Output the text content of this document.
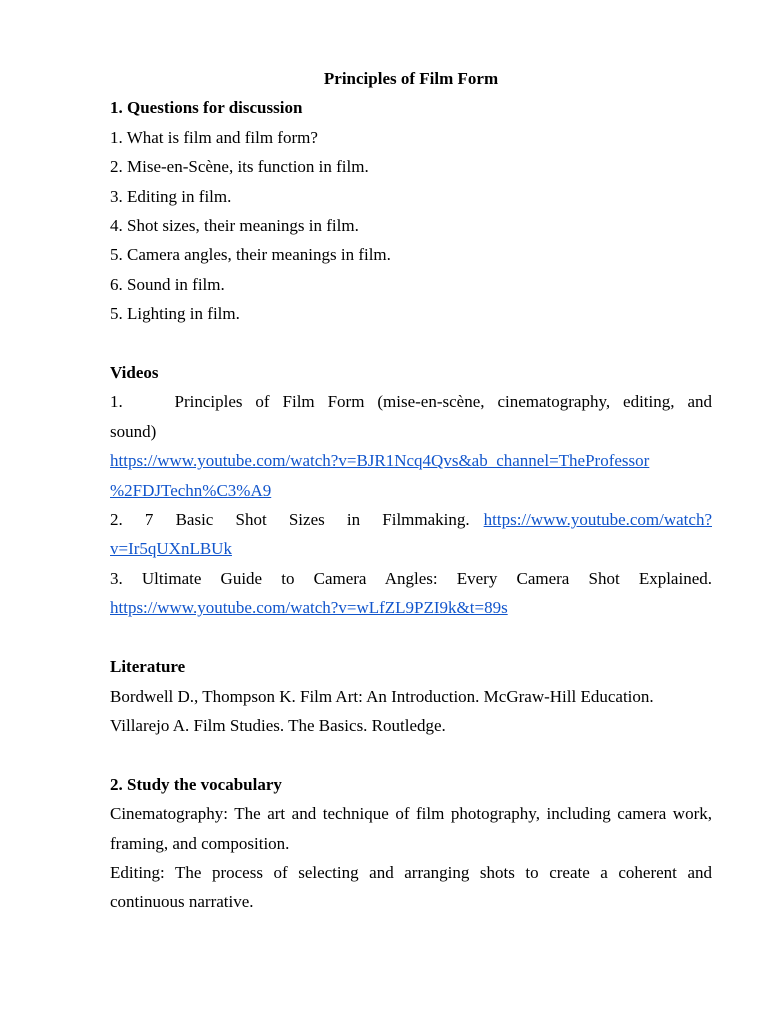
Principles of Film Form
1. Questions for discussion
1. What is film and film form?
2. Mise-en-Scène, its function in film.
3. Editing in film.
4. Shot sizes, their meanings in film.
5. Camera angles, their meanings in film.
6. Sound in film.
5. Lighting in film.
Videos
1.    Principles of Film Form (mise-en-scène, cinematography, editing, and
sound)
https://www.youtube.com/watch?v=BJR1Ncq4Qvs&ab_channel=TheProfessor
%2FDJTechn%C3%A9
2. 7 Basic Shot Sizes in Filmmaking. https://www.youtube.com/watch?
v=Ir5qUXnLBUk
3. Ultimate Guide to Camera Angles: Every Camera Shot Explained.
https://www.youtube.com/watch?v=wLfZL9PZI9k&t=89s
Literature
Bordwell D., Thompson K. Film Art: An Introduction. McGraw-Hill Education.
Villarejo A. Film Studies. The Basics. Routledge.
2. Study the vocabulary
Cinematography: The art and technique of film photography, including camera work, framing, and composition.
Editing: The process of selecting and arranging shots to create a coherent and continuous narrative.
